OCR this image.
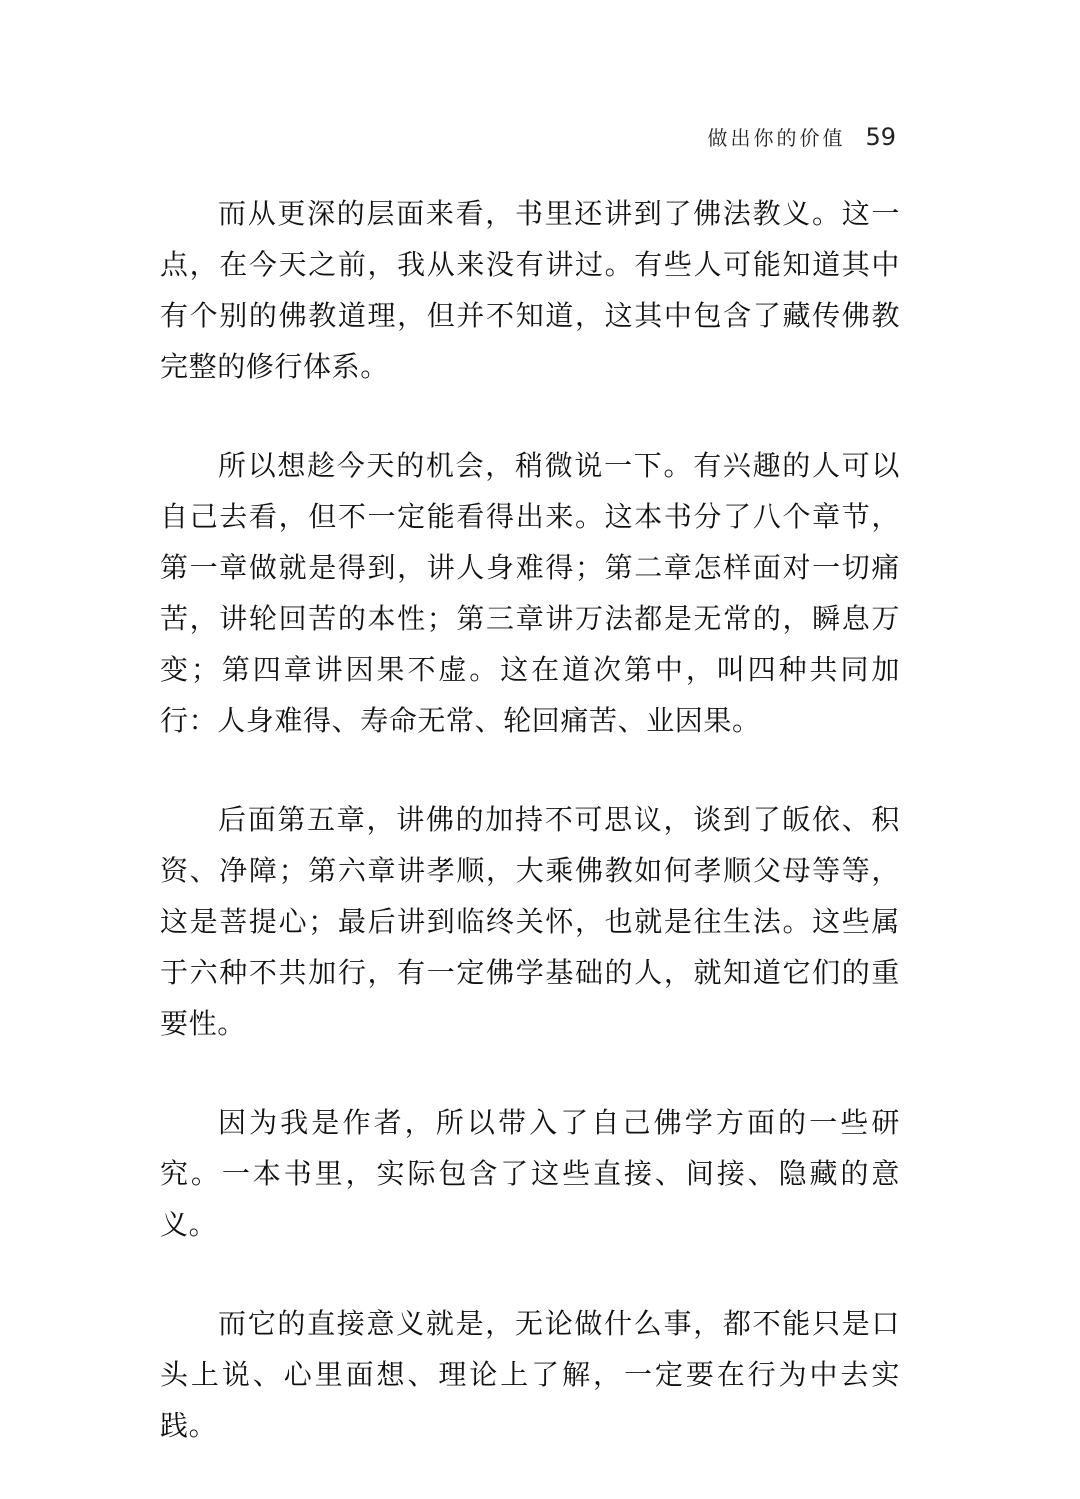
做出你的价值 59

而从更深的层面来看，书里还讲到了佛法教义。这一点，在今天之前，我从来没有讲过。有些人可能知道其中有个别的佛教道理，但并不知道，这其中包含了藏传佛教完整的修行体系。

所以想趁今天的机会，稍微说一下。有兴趣的人可以自己去看，但不一定能看得出来。这本书分了八个章节，第一章做就是得到，讲人身难得；第二章怎样面对一切痛苦，讲轮回苦的本性；第三章讲万法都是无常的，瞬息万变；第四章讲因果不虚。这在道次第中，叫四种共同加行：人身难得、寿命无常、轮回痛苦、业因果。

后面第五章，讲佛的加持不可思议，谈到了皈依、积资、净障；第六章讲孝顺，大乘佛教如何孝顺父母等等，这是菩提心；最后讲到临终关怀，也就是往生法。这些属于六种不共加行，有一定佛学基础的人，就知道它们的重要性。

因为我是作者，所以带入了自己佛学方面的一些研究。一本书里，实际包含了这些直接、间接、隐藏的意义。

而它的直接意义就是，无论做什么事，都不能只是口头上说、心里面想、理论上了解，一定要在行为中去实践。
